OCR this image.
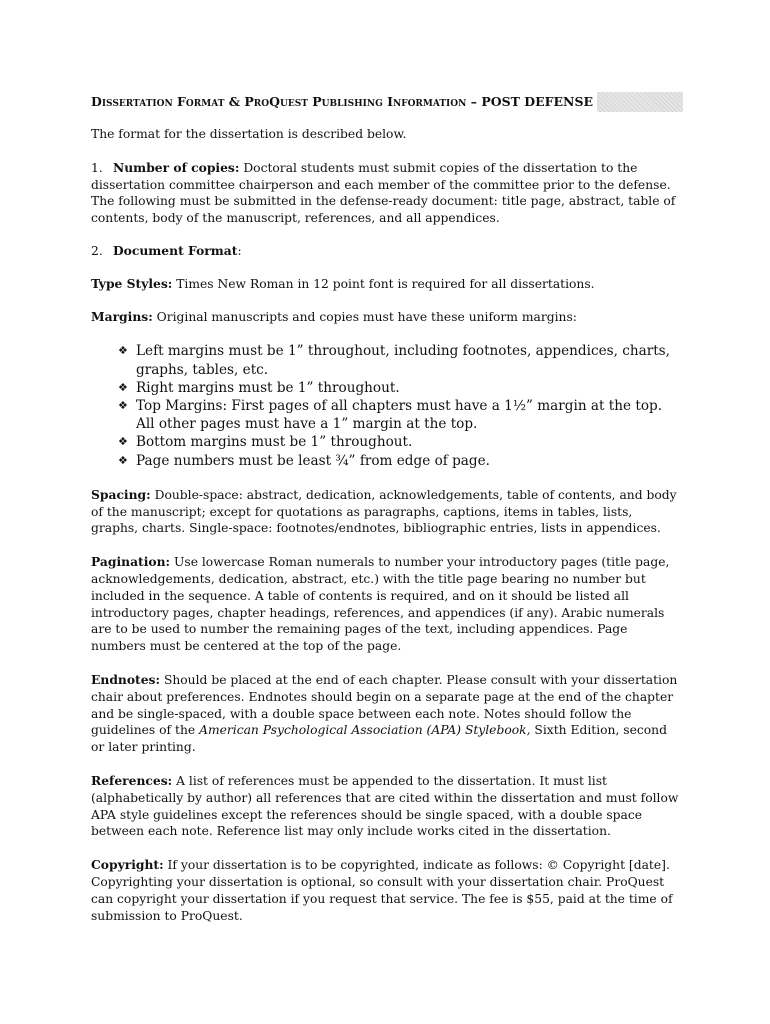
Dissertation Format & ProQuest Publishing Information – POST DEFENSE

The format for the dissertation is described below.

1. Number of copies: Doctoral students must submit copies of the dissertation to the dissertation committee chairperson and each member of the committee prior to the defense. The following must be submitted in the defense-ready document: title page, abstract, table of contents, body of the manuscript, references, and all appendices.

2. Document Format:

Type Styles: Times New Roman in 12 point font is required for all dissertations.

Margins: Original manuscripts and copies must have these uniform margins:

❖ Left margins must be 1” throughout, including footnotes, appendices, charts, graphs, tables, etc.
❖ Right margins must be 1” throughout.
❖ Top Margins: First pages of all chapters must have a 1½” margin at the top. All other pages must have a 1” margin at the top.
❖ Bottom margins must be 1” throughout.
❖ Page numbers must be least ¾” from edge of page.

Spacing: Double-space: abstract, dedication, acknowledgements, table of contents, and body of the manuscript; except for quotations as paragraphs, captions, items in tables, lists, graphs, charts. Single-space: footnotes/endnotes, bibliographic entries, lists in appendices.

Pagination: Use lowercase Roman numerals to number your introductory pages (title page, acknowledgements, dedication, abstract, etc.) with the title page bearing no number but included in the sequence. A table of contents is required, and on it should be listed all introductory pages, chapter headings, references, and appendices (if any). Arabic numerals are to be used to number the remaining pages of the text, including appendices. Page numbers must be centered at the top of the page.

Endnotes: Should be placed at the end of each chapter. Please consult with your dissertation chair about preferences. Endnotes should begin on a separate page at the end of the chapter and be single-spaced, with a double space between each note. Notes should follow the guidelines of the American Psychological Association (APA) Stylebook, Sixth Edition, second or later printing.

References: A list of references must be appended to the dissertation. It must list (alphabetically by author) all references that are cited within the dissertation and must follow APA style guidelines except the references should be single spaced, with a double space between each note. Reference list may only include works cited in the dissertation.

Copyright: If your dissertation is to be copyrighted, indicate as follows: © Copyright [date]. Copyrighting your dissertation is optional, so consult with your dissertation chair. ProQuest can copyright your dissertation if you request that service. The fee is $55, paid at the time of submission to ProQuest.
